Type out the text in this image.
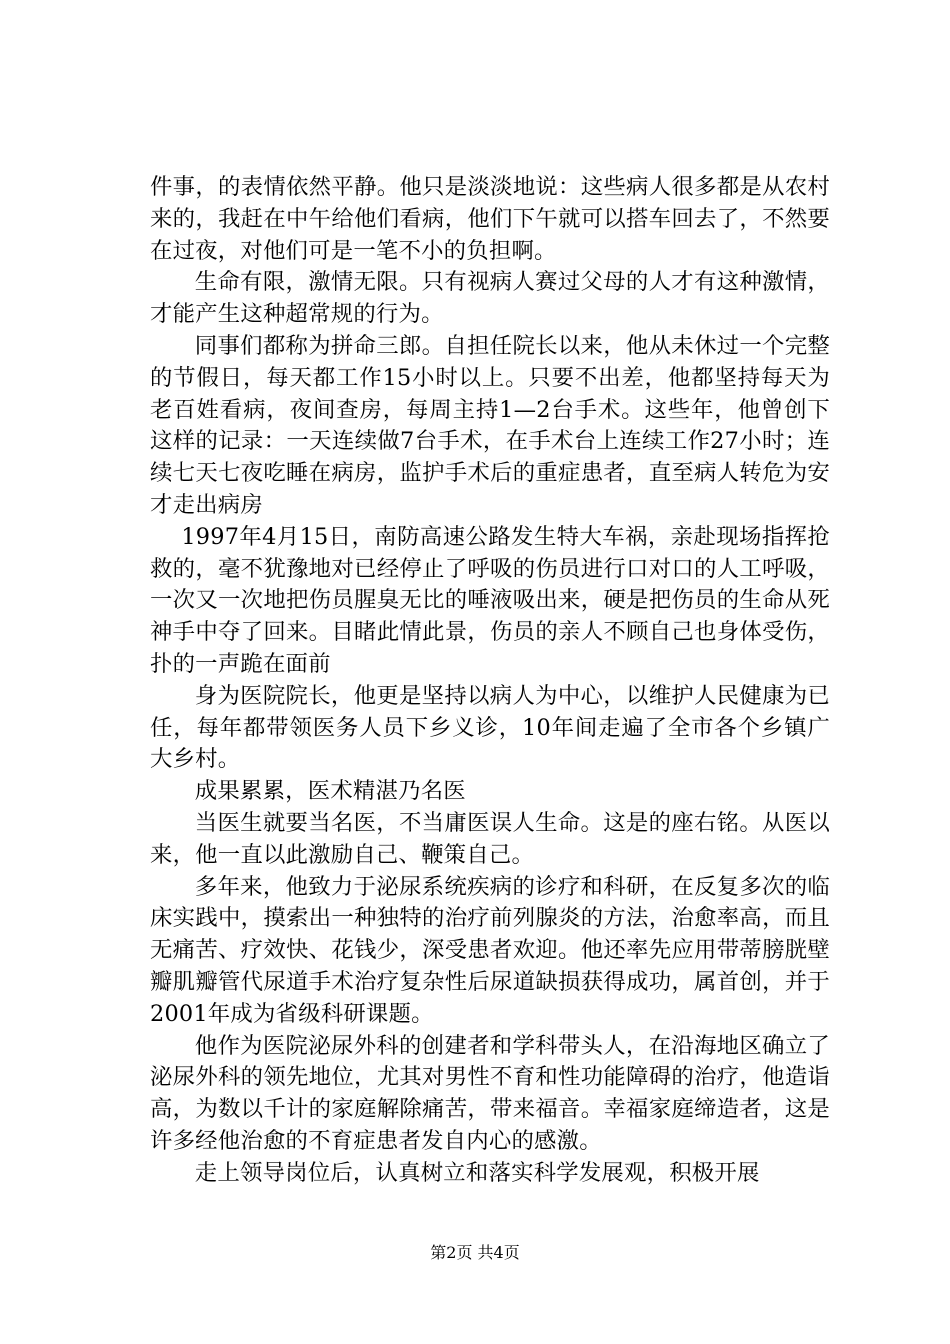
件事，的表情依然平静。他只是淡淡地说：这些病人很多都是从农村来的，我赶在中午给他们看病，他们下午就可以搭车回去了，不然要在过夜，对他们可是一笔不小的负担啊。

生命有限，激情无限。只有视病人赛过父母的人才有这种激情，才能产生这种超常规的行为。

同事们都称为拼命三郎。自担任院长以来，他从未休过一个完整的节假日，每天都工作15小时以上。只要不出差，他都坚持每天为老百姓看病，夜间查房，每周主持1—2台手术。这些年，他曾创下这样的记录：一天连续做7台手术，在手术台上连续工作27小时；连续七天七夜吃睡在病房，监护手术后的重症患者，直至病人转危为安才走出病房

1997年4月15日，南防高速公路发生特大车祸，亲赴现场指挥抢救的，毫不犹豫地对已经停止了呼吸的伤员进行口对口的人工呼吸，一次又一次地把伤员腥臭无比的唾液吸出来，硬是把伤员的生命从死神手中夺了回来。目睹此情此景，伤员的亲人不顾自己也身体受伤，扑的一声跪在面前

身为医院院长，他更是坚持以病人为中心，以维护人民健康为已任，每年都带领医务人员下乡义诊，10年间走遍了全市各个乡镇广大乡村。

成果累累，医术精湛乃名医

当医生就要当名医，不当庸医误人生命。这是的座右铭。从医以来，他一直以此激励自己、鞭策自己。

多年来，他致力于泌尿系统疾病的诊疗和科研，在反复多次的临床实践中，摸索出一种独特的治疗前列腺炎的方法，治愈率高，而且无痛苦、疗效快、花钱少，深受患者欢迎。他还率先应用带蒂膀胱壁瓣肌瓣管代尿道手术治疗复杂性后尿道缺损获得成功，属首创，并于2001年成为省级科研课题。

他作为医院泌尿外科的创建者和学科带头人，在沿海地区确立了泌尿外科的领先地位，尤其对男性不育和性功能障碍的治疗，他造诣高，为数以千计的家庭解除痛苦，带来福音。幸福家庭缔造者，这是许多经他治愈的不育症患者发自内心的感激。

走上领导岗位后，认真树立和落实科学发展观，积极开展

第2页 共4页
